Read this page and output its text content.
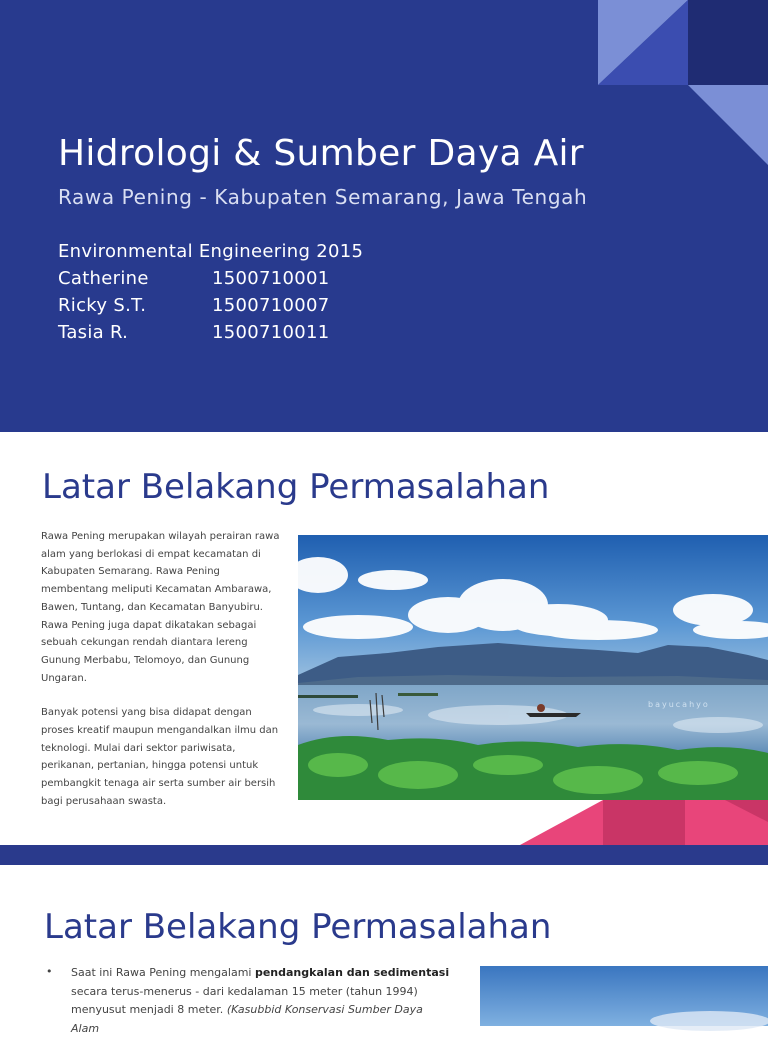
Hidrologi & Sumber Daya Air
Rawa Pening - Kabupaten Semarang, Jawa Tengah
Environmental Engineering 2015
Catherine	1500710001
Ricky S.T.	1500710007
Tasia R.	1500710011
Latar Belakang Permasalahan

Rawa Pening merupakan wilayah perairan rawa alam yang berlokasi di empat kecamatan di Kabupaten Semarang. Rawa Pening membentang meliputi Kecamatan Ambarawa, Bawen, Tuntang, dan Kecamatan Banyubiru. Rawa Pening juga dapat dikatakan sebagai sebuah cekungan rendah diantara lereng Gunung Merbabu, Telomoyo, dan Gunung Ungaran.

Banyak potensi yang bisa didapat dengan proses kreatif maupun mengandalkan ilmu dan teknologi. Mulai dari sektor pariwisata, perikanan, pertanian, hingga potensi untuk pembangkit tenaga air serta sumber air bersih bagi perusahaan swasta.

bayucahyo
Latar Belakang Permasalahan
• Saat ini Rawa Pening mengalami pendangkalan dan sedimentasi secara terus-menerus - dari kedalaman 15 meter (tahun 1994) menyusut menjadi 8 meter. (Kasubbid Konservasi Sumber Daya Alam
